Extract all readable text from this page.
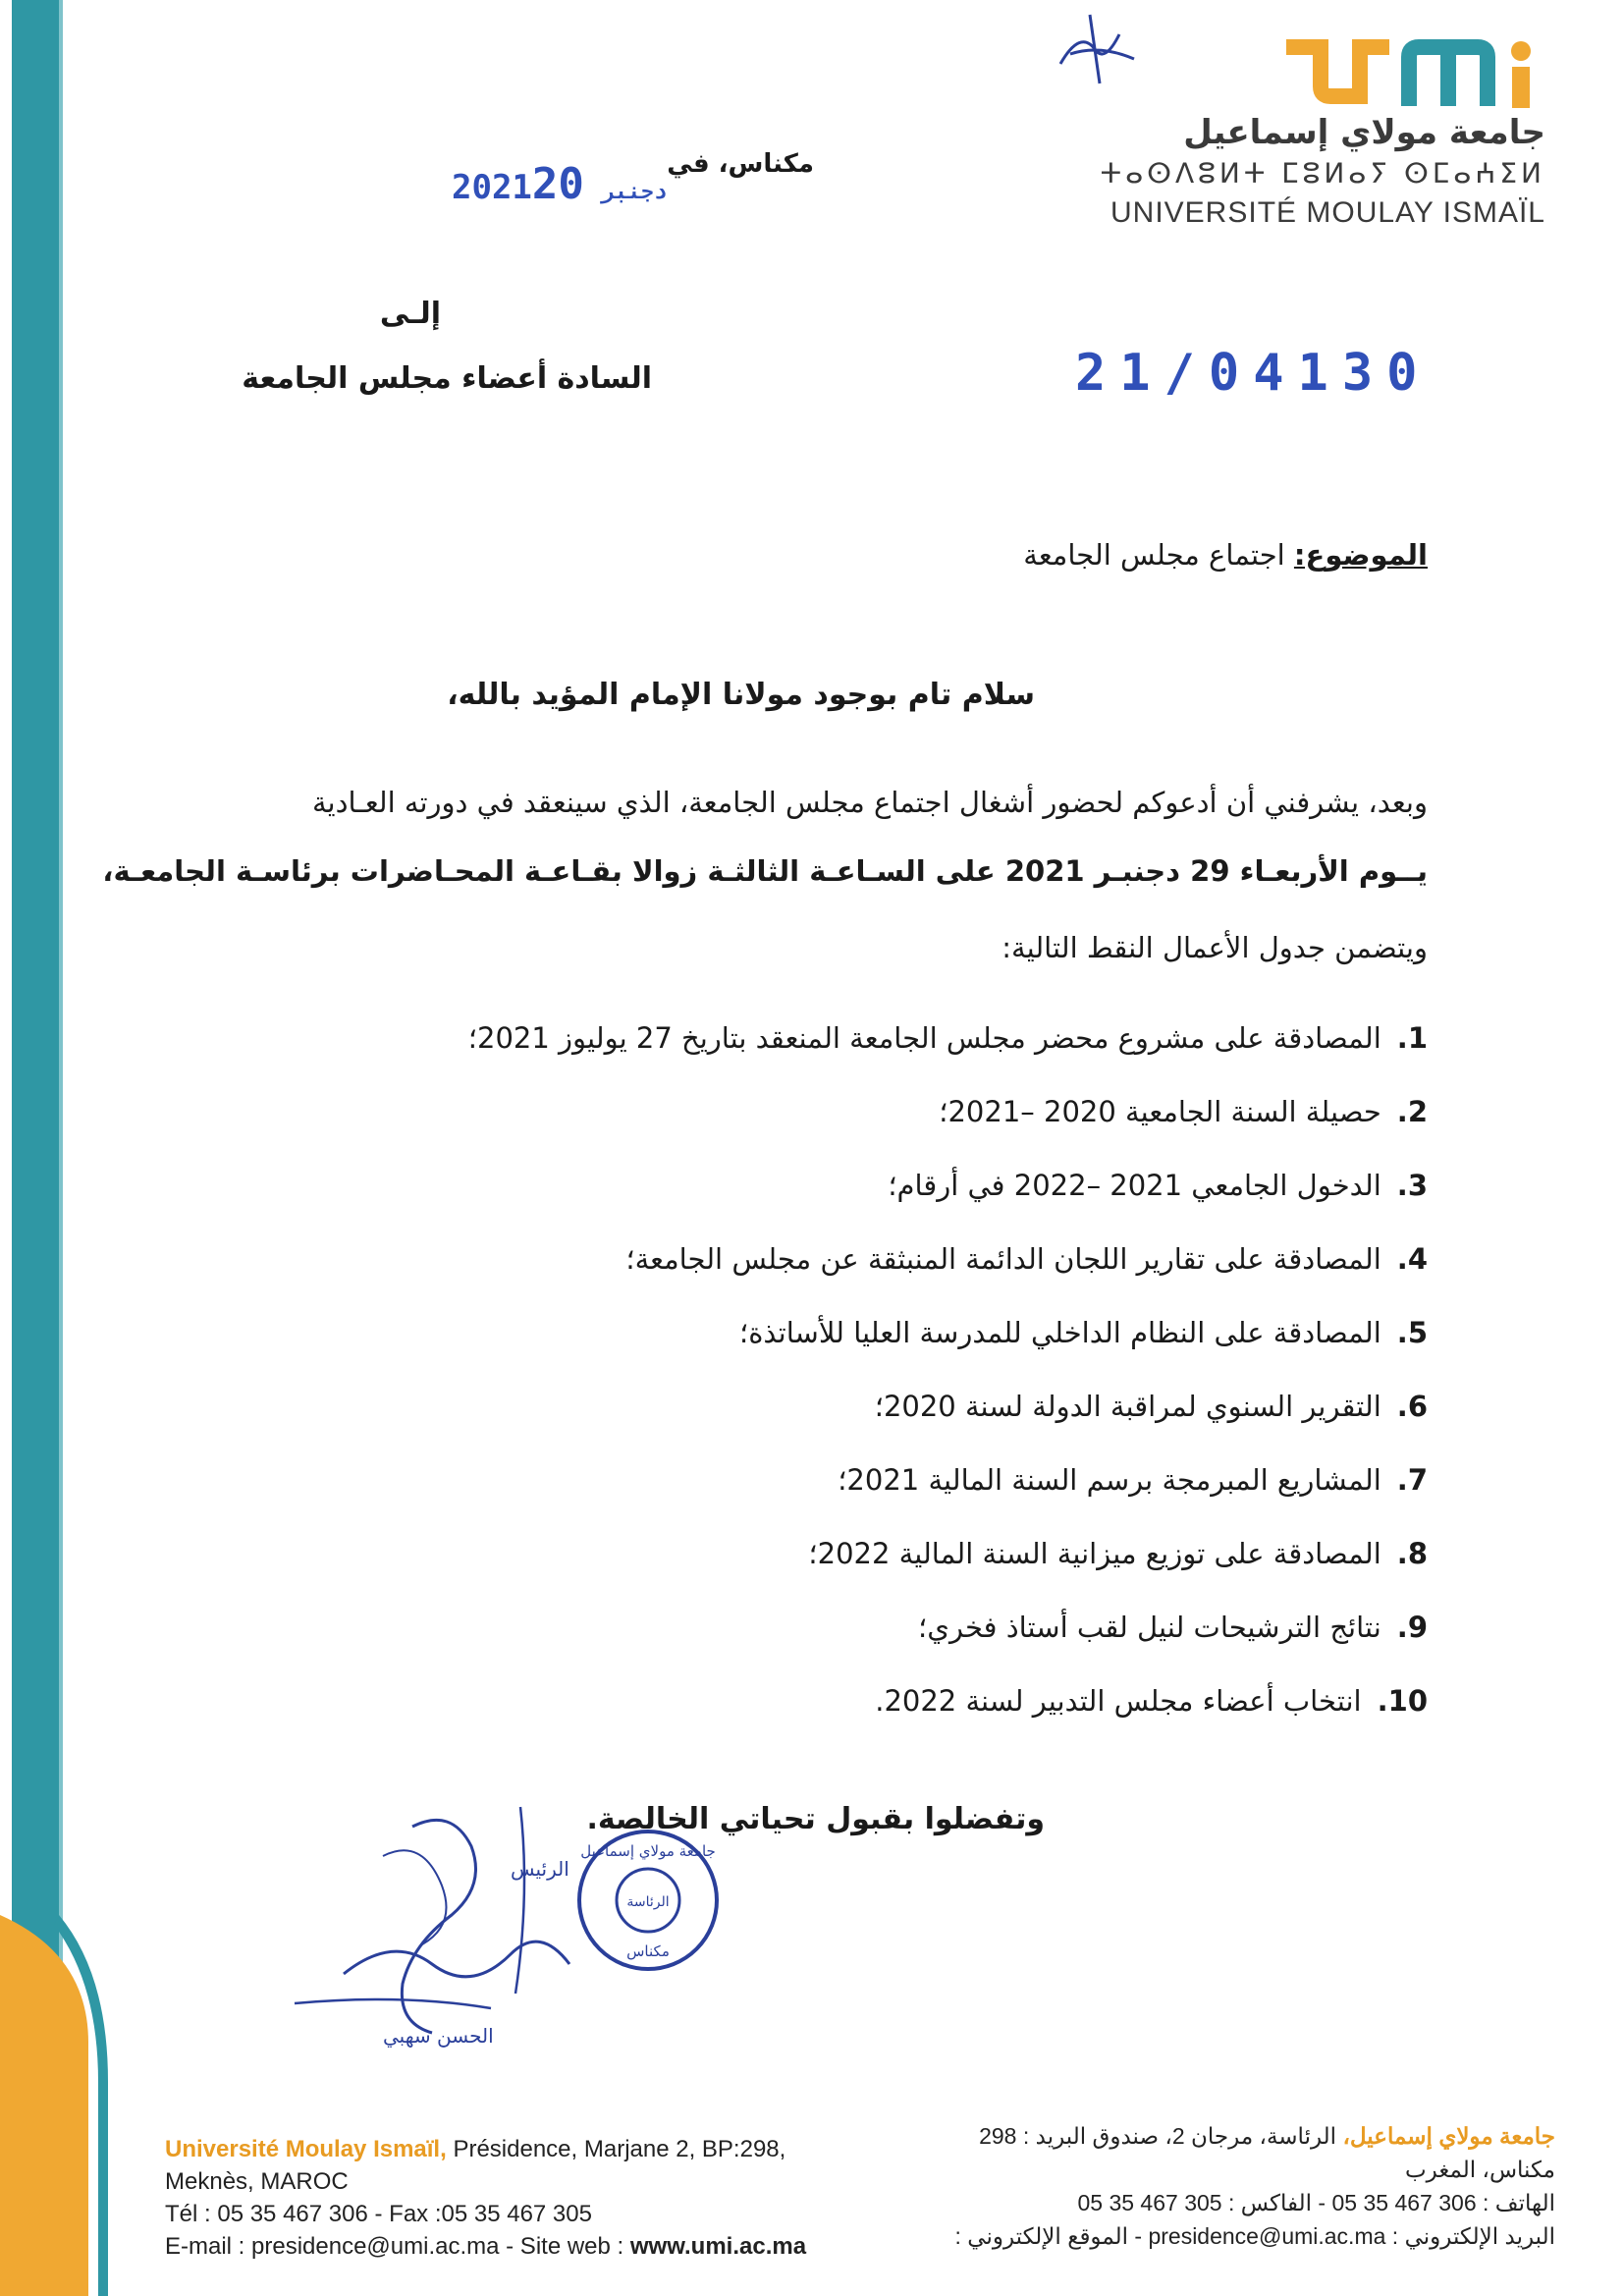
جامعة مولاي إسماعيل
ⵜⴰⵙⴷⵓⵍⵜ ⵎⵓⵍⴰⵢ ⵙⵎⴰⵄⵉⵍ
UNIVERSITÉ MOULAY ISMAÏL
مكناس، في
2021	دجنبر20
إلـى
السادة أعضاء مجلس الجامعة	21/04130
الموضوع: اجتماع مجلس الجامعة
سلام تام بوجود مولانا الإمام المؤيد بالله،
وبعد، يشرفني أن أدعوكم لحضور أشغال اجتماع مجلس الجامعة، الذي سينعقد في دورته العـادية
يــوم الأربعـاء 29 دجنبـر 2021 على السـاعـة الثالثـة زوالا بقـاعـة المحـاضرات برئاسـة الجامعـة،
ويتضمن جدول الأعمال النقط التالية:
1.المصادقة على مشروع محضر مجلس الجامعة المنعقد بتاريخ 27 يوليوز 2021؛
2.حصيلة السنة الجامعية 2020 –2021؛
3.الدخول الجامعي 2021 –2022 في أرقام؛
4.المصادقة على تقارير اللجان الدائمة المنبثقة عن مجلس الجامعة؛
5.المصادقة على النظام الداخلي للمدرسة العليا للأساتذة؛
6.التقرير السنوي لمراقبة الدولة لسنة 2020؛
7.المشاريع المبرمجة برسم السنة المالية 2021؛
8.المصادقة على توزيع ميزانية السنة المالية 2022؛
9.نتائج الترشيحات لنيل لقب أستاذ فخري؛
10.انتخاب أعضاء مجلس التدبير لسنة 2022.
وتفضلوا بقبول تحياتي الخالصة.
جامعة مولاي إسماعيل
الرئاسة
مكناس
الرئيس
الحسن سهبي
Université Moulay Ismaïl, Présidence, Marjane 2, BP:298,
Meknès, MAROC
Tél : 05 35 467 306 - Fax :05 35 467 305
E-mail : presidence@umi.ac.ma - Site web : www.umi.ac.ma
جامعة مولاي إسماعيل، الرئاسة، مرجان 2، صندوق البريد : 298
مكناس، المغرب
الهاتف : 306 467 35 05 - الفاكس : 305 467 35 05
البريد الإلكتروني : presidence@umi.ac.ma - الموقع الإلكتروني :
